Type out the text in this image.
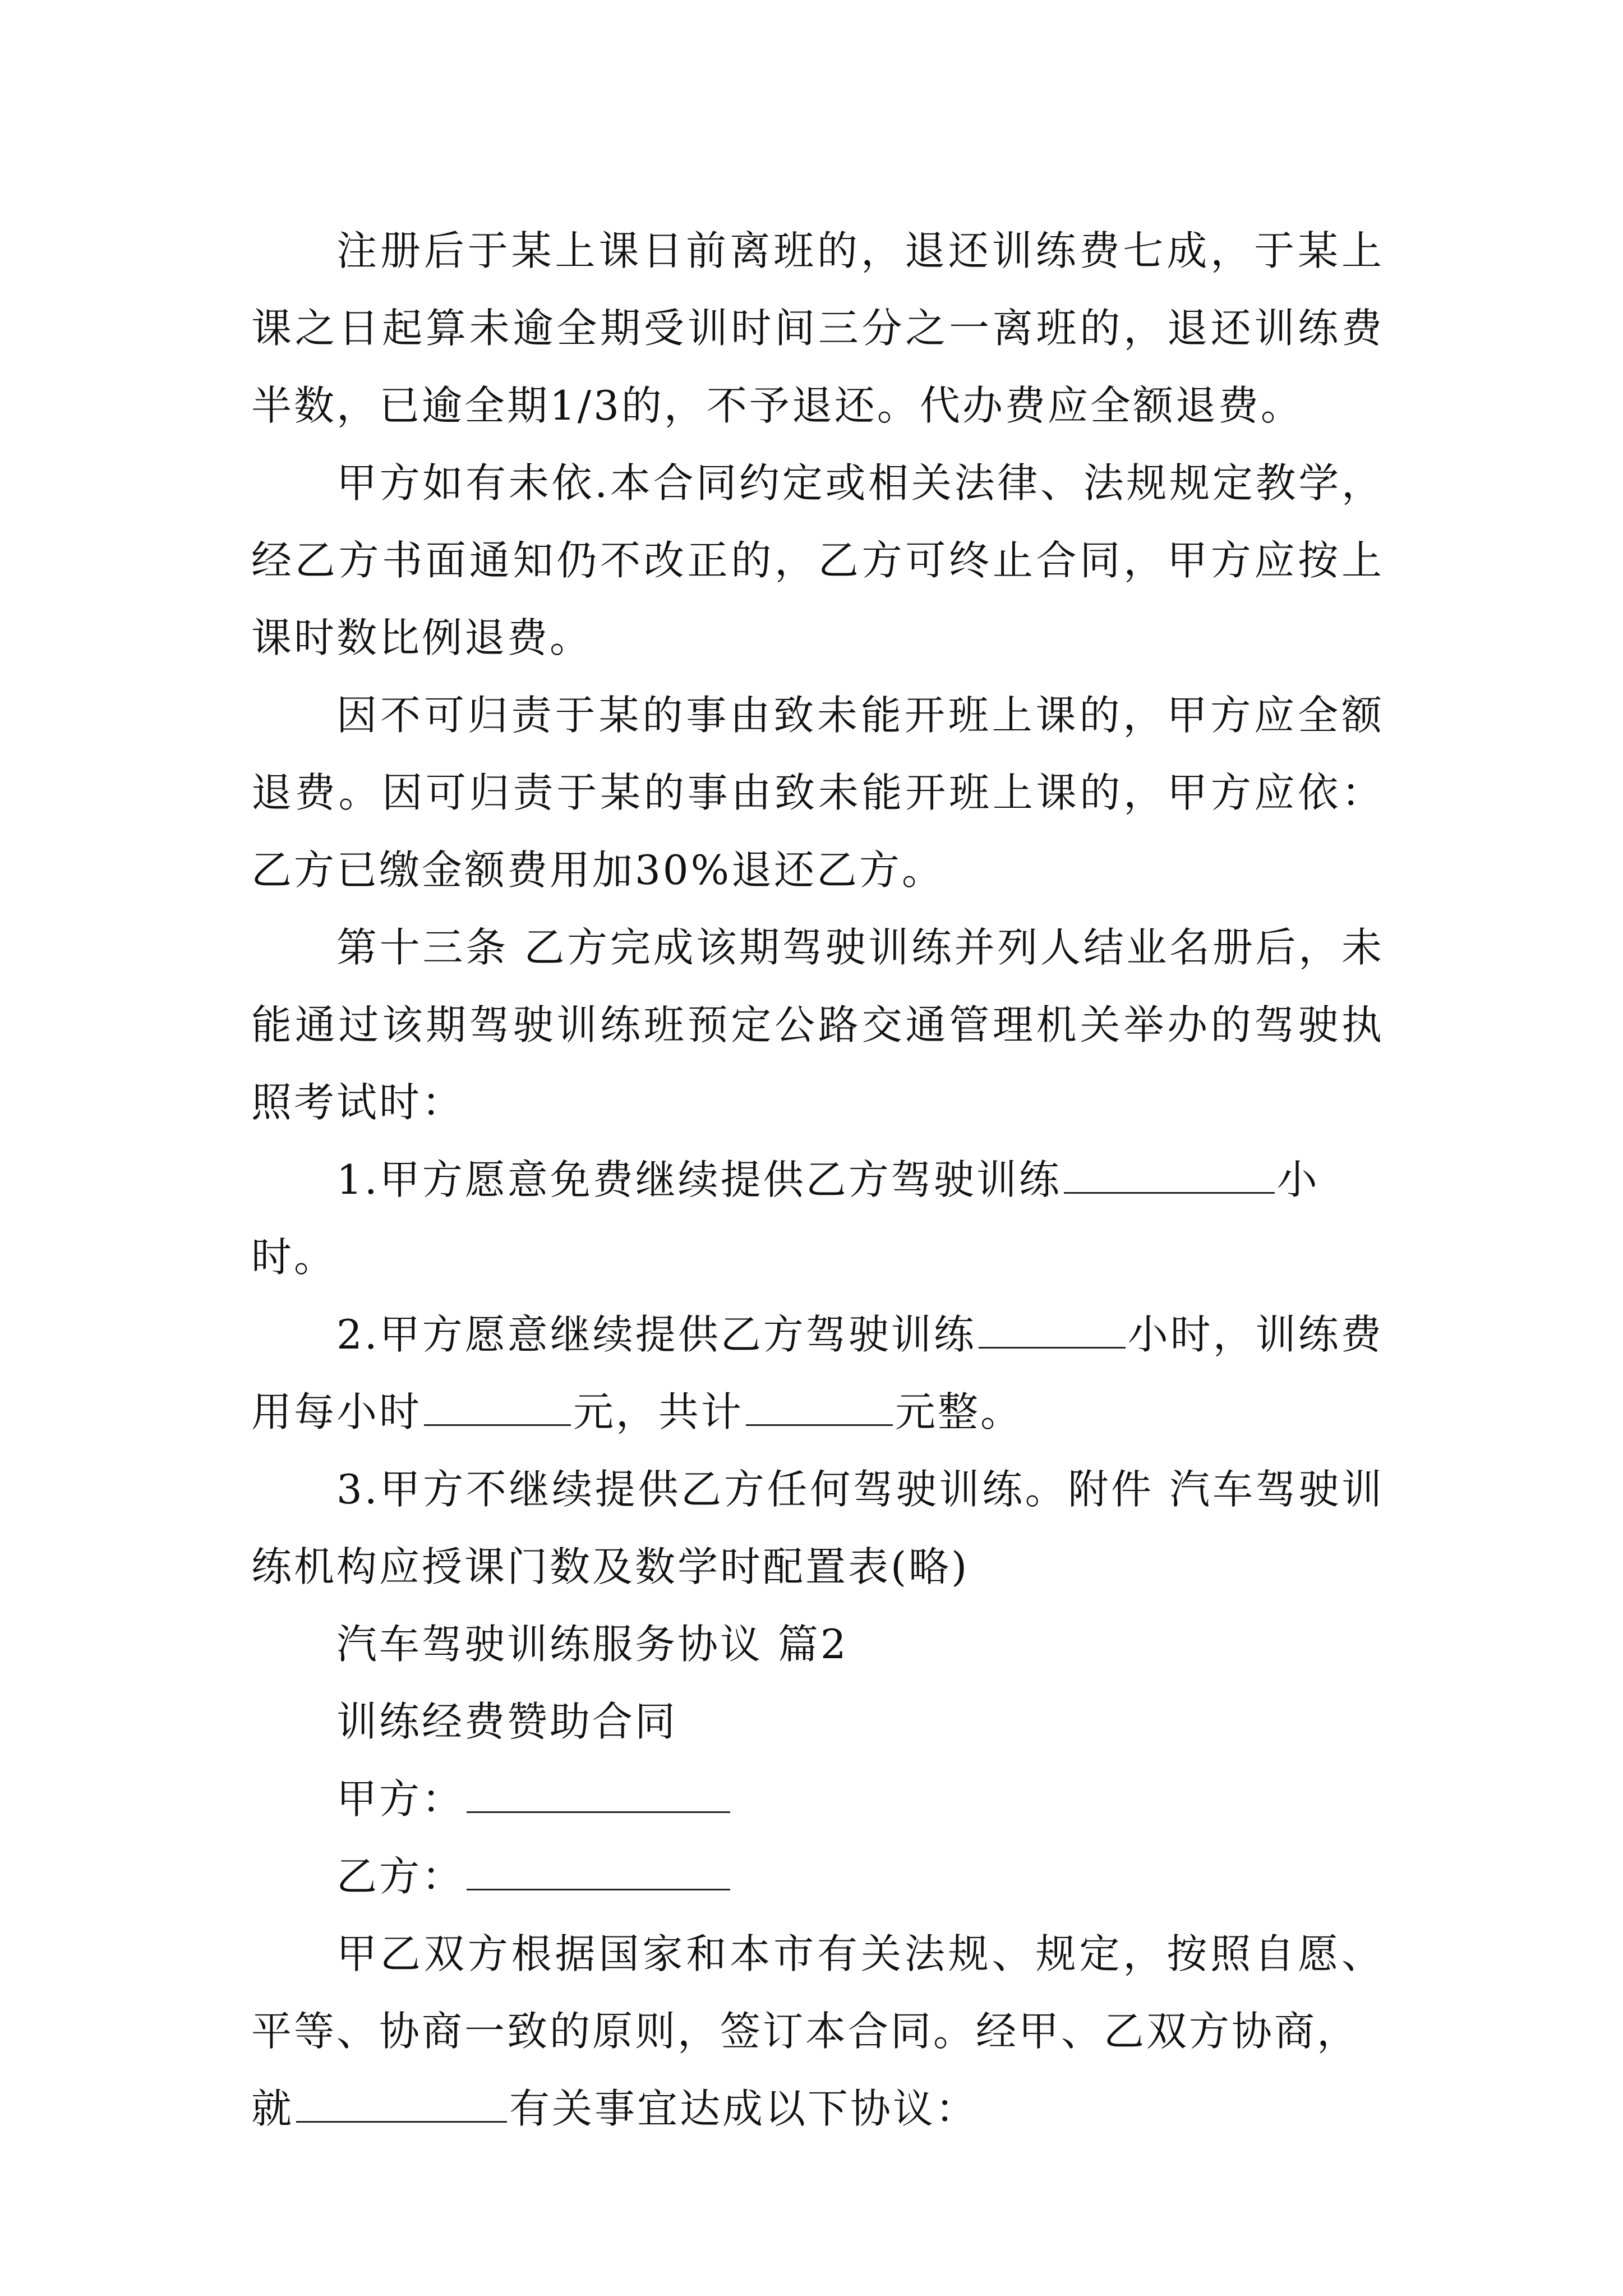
注册后于某上课日前离班的，退还训练费七成，于某上课之日起算未逾全期受训时间三分之一离班的，退还训练费半数，已逾全期1/3的，不予退还。代办费应全额退费。

甲方如有未依.本合同约定或相关法律、法规规定教学，经乙方书面通知仍不改正的，乙方可终止合同，甲方应按上课时数比例退费。

因不可归责于某的事由致未能开班上课的，甲方应全额退费。因可归责于某的事由致未能开班上课的，甲方应依：乙方已缴金额费用加30%退还乙方。

第十三条 乙方完成该期驾驶训练并列人结业名册后，未能通过该期驾驶训练班预定公路交通管理机关举办的驾驶执照考试时：

1.甲方愿意免费继续提供乙方驾驶训练	小时。

2.甲方愿意继续提供乙方驾驶训练	小时，训练费用每小时	元，共计	元整。

3.甲方不继续提供乙方任何驾驶训练。附件 汽车驾驶训练机构应授课门数及数学时配置表(略)

汽车驾驶训练服务协议 篇2

训练经费赞助合同

甲方：

乙方：

甲乙双方根据国家和本市有关法规、规定，按照自愿、平等、协商一致的原则，签订本合同。经甲、乙双方协商，

就	有关事宜达成以下协议：
